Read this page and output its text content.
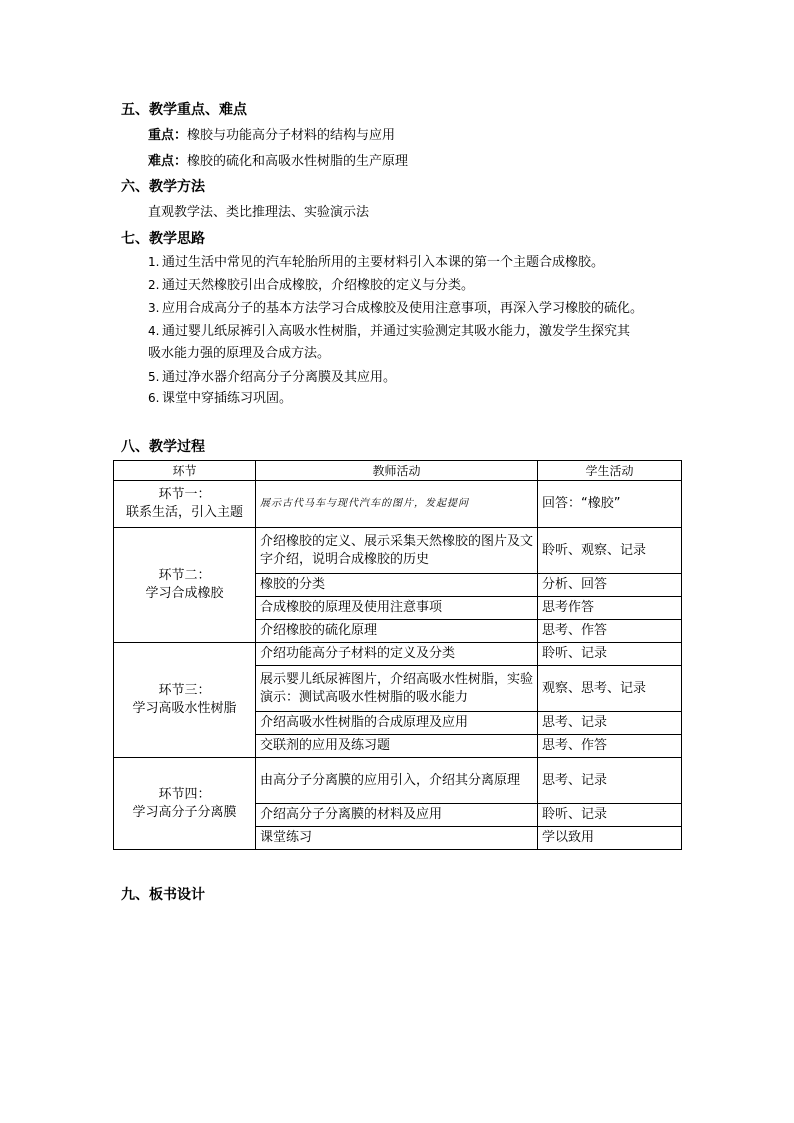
五、教学重点、难点
重点：橡胶与功能高分子材料的结构与应用
难点：橡胶的硫化和高吸水性树脂的生产原理
六、教学方法
直观教学法、类比推理法、实验演示法
七、教学思路
1. 通过生活中常见的汽车轮胎所用的主要材料引入本课的第一个主题合成橡胶。
2. 通过天然橡胶引出合成橡胶，介绍橡胶的定义与分类。
3. 应用合成高分子的基本方法学习合成橡胶及使用注意事项，再深入学习橡胶的硫化。
4. 通过婴儿纸尿裤引入高吸水性树脂，并通过实验测定其吸水能力，激发学生探究其
吸水能力强的原理及合成方法。
5. 通过净水器介绍高分子分离膜及其应用。
6. 课堂中穿插练习巩固。
八、教学过程
环节	教师活动	学生活动

环节一：
联系生活，引入主题	展示古代马车与现代汽车的图片，发起提问	回答：“橡胶”

环节二：
学习合成橡胶	介绍橡胶的定义、展示采集天然橡胶的图片及文字介绍，说明合成橡胶的历史	聆听、观察、记录
	橡胶的分类	分析、回答
	合成橡胶的原理及使用注意事项	思考作答
	介绍橡胶的硫化原理	思考、作答

环节三：
学习高吸水性树脂	介绍功能高分子材料的定义及分类	聆听、记录
	展示婴儿纸尿裤图片，介绍高吸水性树脂，实验演示：测试高吸水性树脂的吸水能力	观察、思考、记录
	介绍高吸水性树脂的合成原理及应用	思考、记录
	交联剂的应用及练习题	思考、作答

环节四：
学习高分子分离膜	由高分子分离膜的应用引入，介绍其分离原理	思考、记录
	介绍高分子分离膜的材料及应用	聆听、记录
	课堂练习	学以致用
九、板书设计
